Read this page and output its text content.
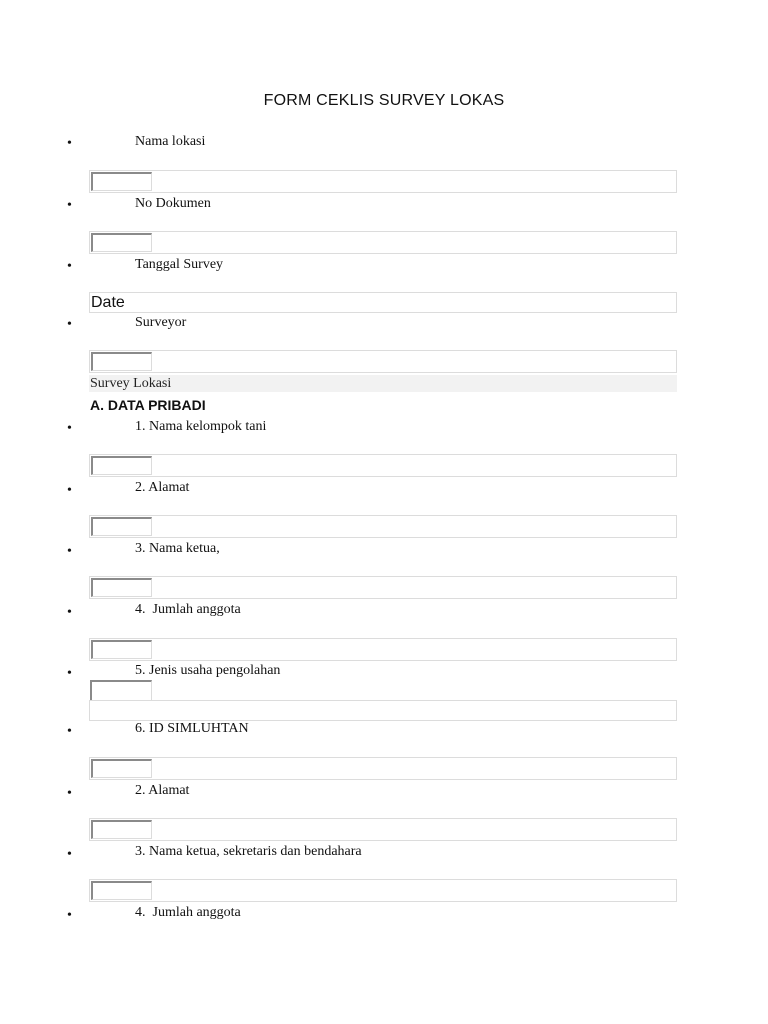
FORM CEKLIS SURVEY LOKAS
•	Nama lokasi
•	No Dokumen
•	Tanggal Survey
Date
•	Surveyor
Survey Lokasi
A. DATA PRIBADI
•	1. Nama kelompok tani
•	2. Alamat
•	3. Nama ketua,
•	4.  Jumlah anggota
•	5. Jenis usaha pengolahan
•	6. ID SIMLUHTAN
•	2. Alamat
•	3. Nama ketua, sekretaris dan bendahara
•	4.  Jumlah anggota
